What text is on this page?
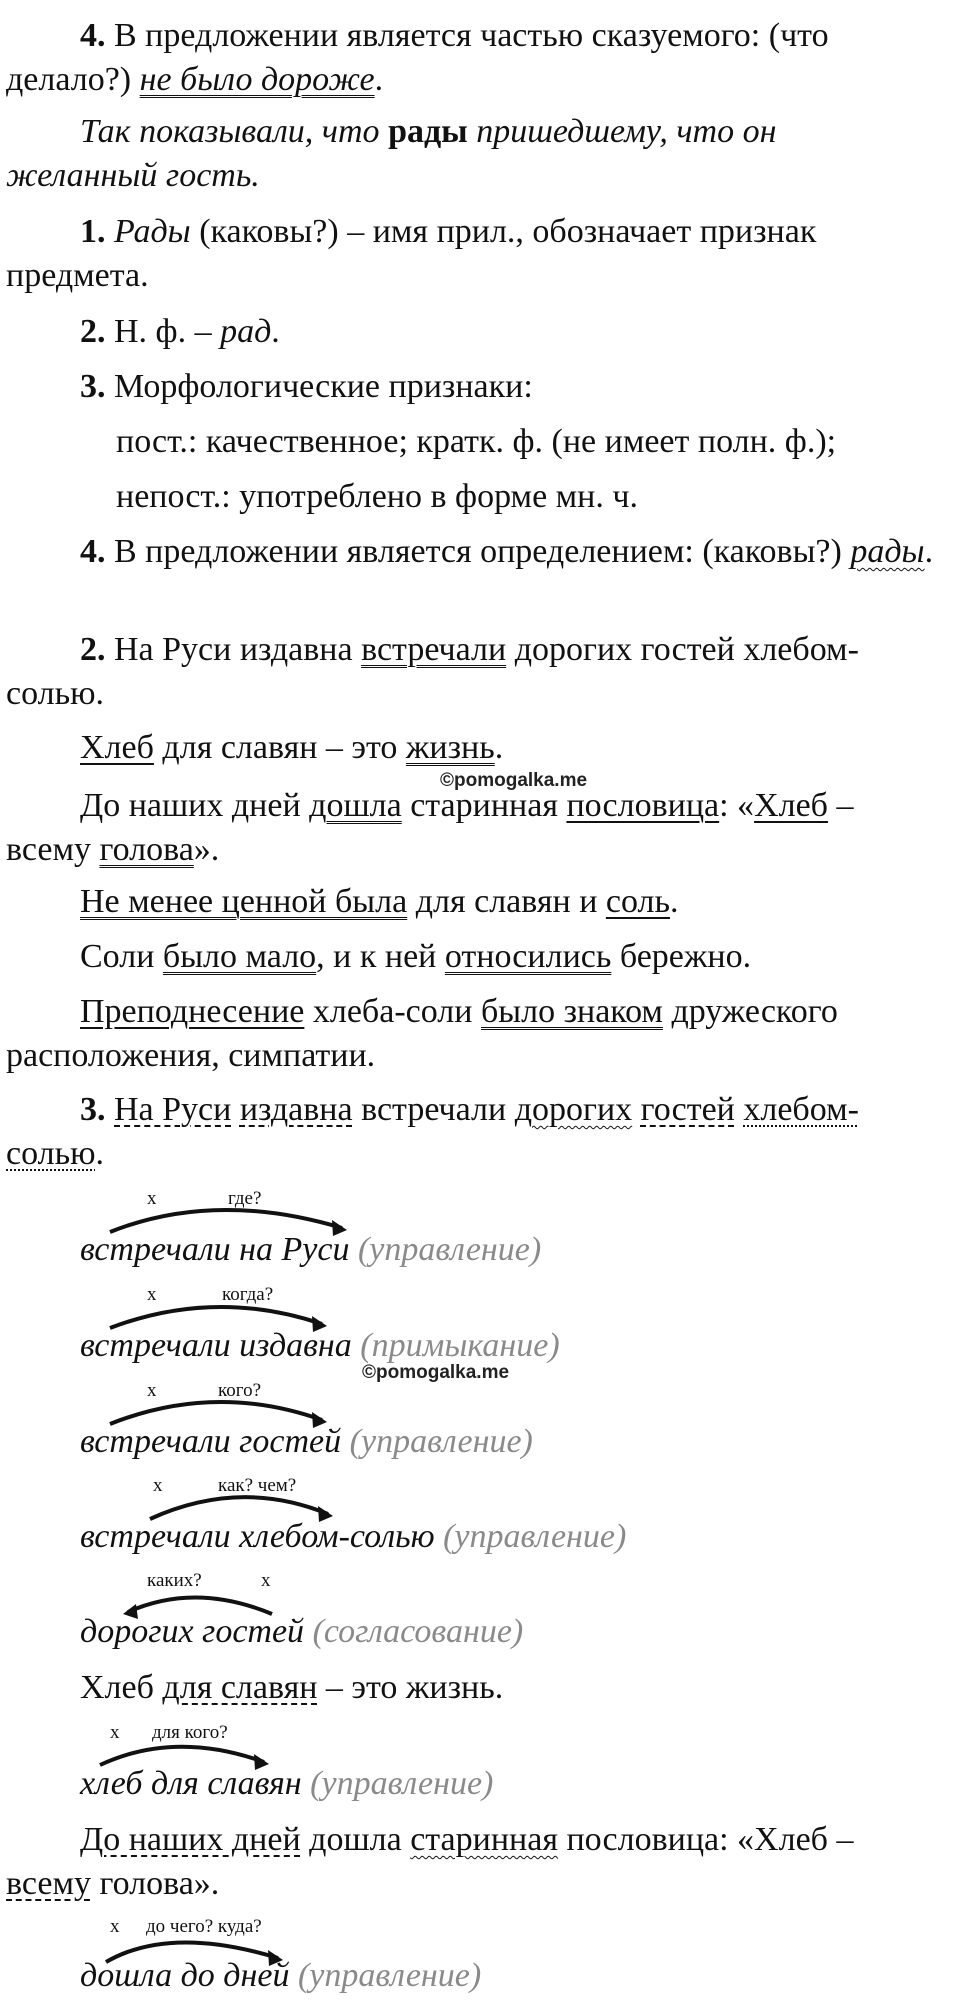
4. В предложении является частью сказуемого: (что делало?) не было дороже.

Так показывали, что рады пришедшему, что он желанный гость.

1. Рады (каковы?) – имя прил., обозначает признак предмета.

2. Н. ф. – рад.

3. Морфологические признаки:

пост.: качественное; кратк. ф. (не имеет полн. ф.);

непост.: употреблено в форме мн. ч.

4. В предложении является определением: (каковы?) рады.

2. На Руси издавна встречали дорогих гостей хлебом-солью.

Хлеб для славян – это жизнь.

©pomogalka.me

До наших дней дошла старинная пословица: «Хлеб – всему голова».

Не менее ценной была для славян и соль.

Соли было мало, и к ней относились бережно.

Преподнесение хлеба-соли было знаком дружеского расположения, симпатии.

3. На Руси издавна встречали дорогих гостей хлебом-солью.

х	где?
встречали на Руси (управление)
х	когда?
встречали издавна (примыкание)
©pomogalka.me
х	кого?
встречали гостей (управление)
х	как? чем?
встречали хлебом-солью (управление)
каких?	х
дорогих гостей (согласование)

Хлеб для славян – это жизнь.

х для кого?
хлеб для славян (управление)

До наших дней дошла старинная пословица: «Хлеб – всему голова».

х до чего? куда?
дошла до дней (управление)
